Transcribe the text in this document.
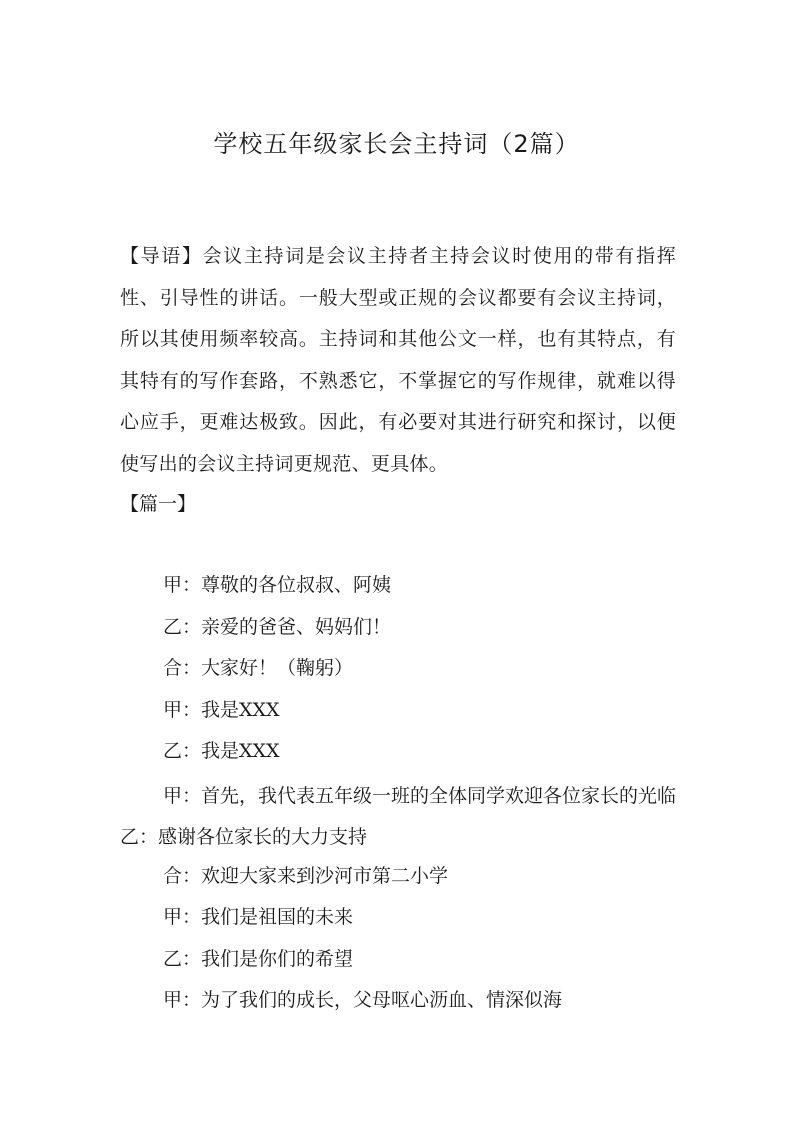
学校五年级家长会主持词（2篇）
【导语】会议主持词是会议主持者主持会议时使用的带有指挥性、引导性的讲话。一般大型或正规的会议都要有会议主持词，所以其使用频率较高。主持词和其他公文一样，也有其特点，有其特有的写作套路，不熟悉它，不掌握它的写作规律，就难以得心应手，更难达极致。因此，有必要对其进行研究和探讨，以便使写出的会议主持词更规范、更具体。
【篇一】
甲：尊敬的各位叔叔、阿姨
乙：亲爱的爸爸、妈妈们！
合：大家好！（鞠躬）
甲：我是XXX
乙：我是XXX
甲：首先，我代表五年级一班的全体同学欢迎各位家长的光临乙：感谢各位家长的大力支持
合：欢迎大家来到沙河市第二小学
甲：我们是祖国的未来
乙：我们是你们的希望
甲：为了我们的成长，父母呕心沥血、情深似海
